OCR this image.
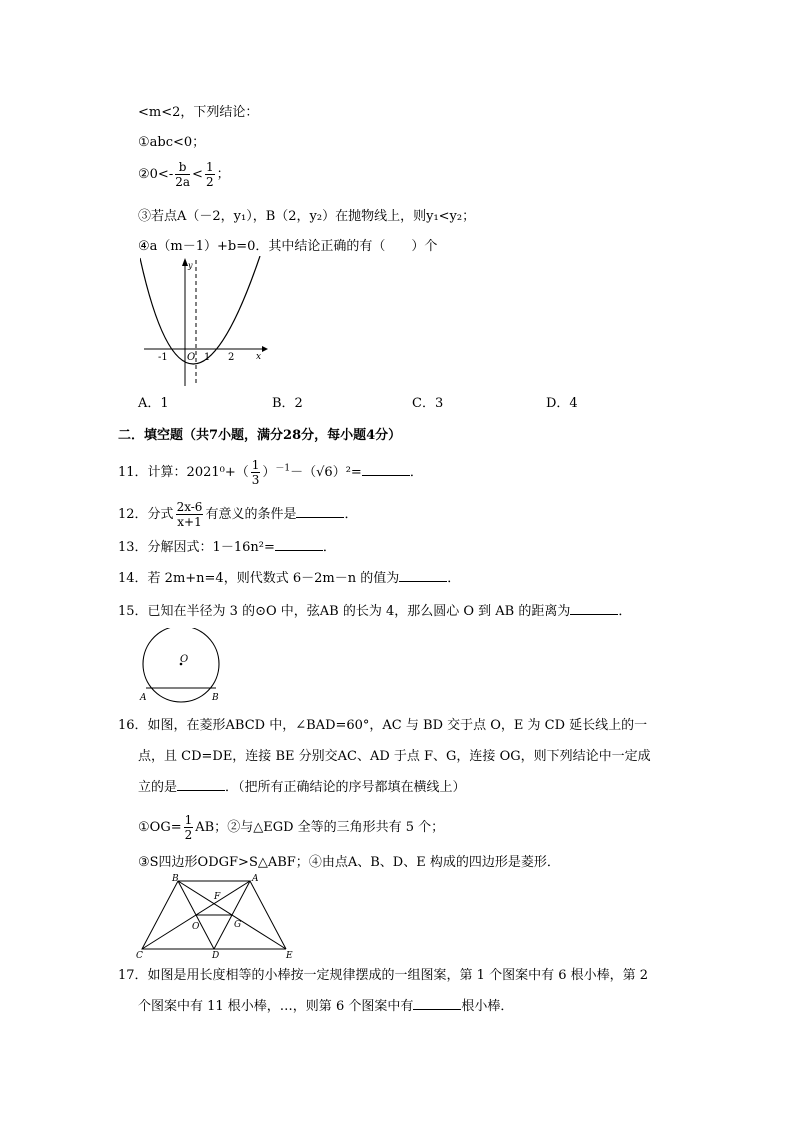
<m<2，下列结论：
①abc<0；
②0<- $\frac{b}{2a} < \frac{1}{2}$ ；
③若点A（－2，y₁），B（2，y₂）在抛物线上，则y₁<y₂；
④a（m－1）+b=0．其中结论正确的有（　　）个
-1 O 1 2 x
y
A．1	B．2	C．3	D．4
二．填空题（共7小题，满分28分，每小题4分）
11．计算：$2021^0+( \frac{1}{3} )^{-1}-(√6)^2=$	．
12．分式 $\frac{2x-6}{x+1}$ 有意义的条件是	．
13．分解因式：1－16n²=	．
14．若 2m+n=4，则代数式 6－2m－n 的值为	．
15．已知在半径为 3 的⊙O 中，弦AB 的长为 4，那么圆心 O 到 AB 的距离为	．
O
A	B
16．如图，在菱形ABCD 中，∠BAD=60°，AC 与 BD 交于点 O，E 为 CD 延长线上的一
点，且 CD=DE，连接 BE 分别交AC、AD 于点 F、G，连接 OG，则下列结论中一定成
立的是	．（把所有正确结论的序号都填在横线上）
①OG= $\frac{1}{2}$ AB；②与△EGD 全等的三角形共有 5 个；
③S四边形ODGF>S△ABF；④由点A、B、D、E 构成的四边形是菱形．
B	A
F
O	G
C	D	E
17．如图是用长度相等的小棒按一定规律摆成的一组图案，第 1 个图案中有 6 根小棒，第 2
个图案中有 11 根小棒，…，则第 6 个图案中有	根小棒．
